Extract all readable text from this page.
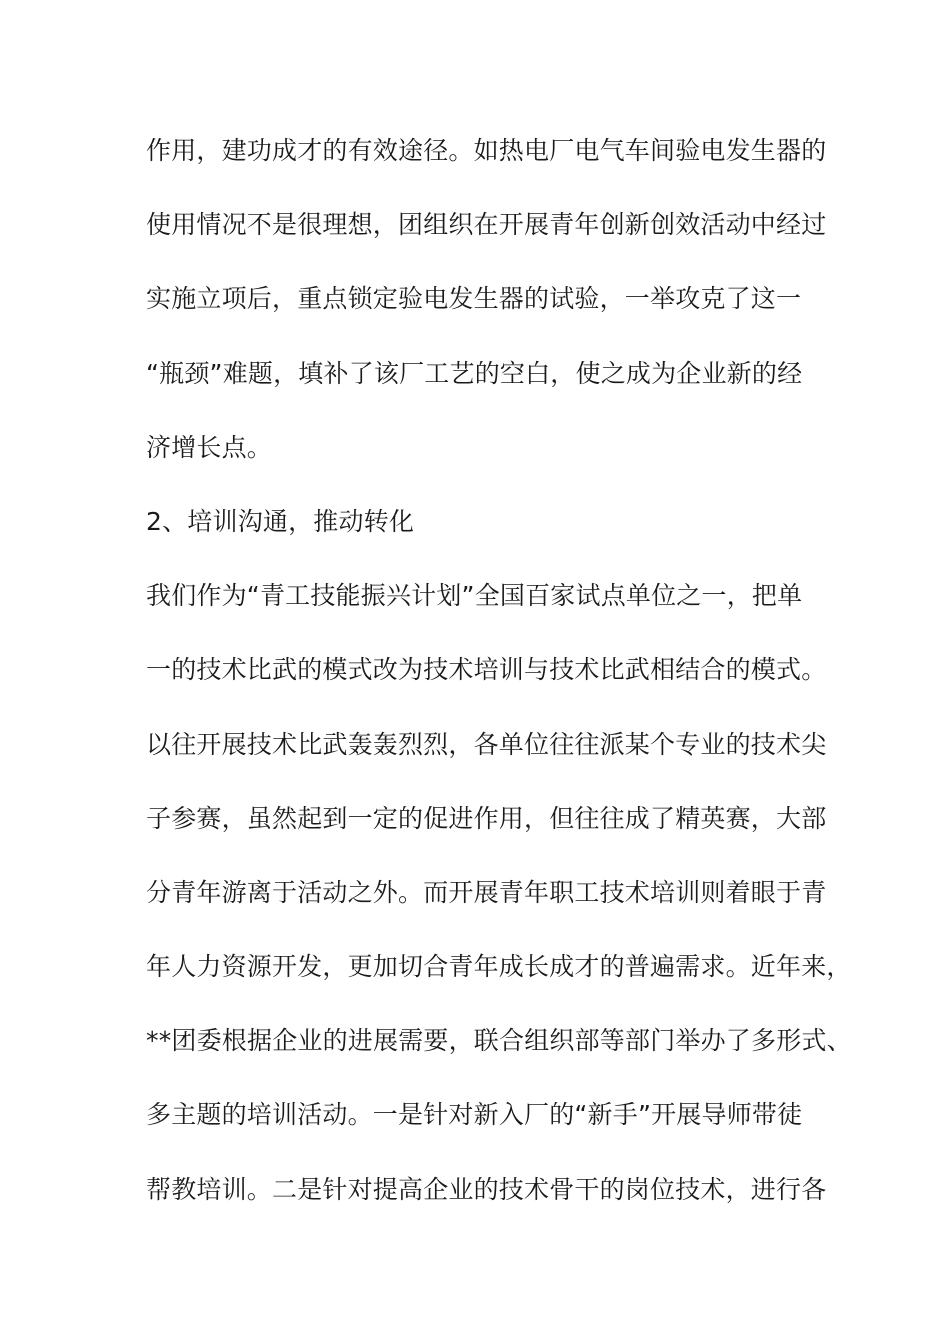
作用，建功成才的有效途径。如热电厂电气车间验电发生器的
使用情况不是很理想，团组织在开展青年创新创效活动中经过
实施立项后，重点锁定验电发生器的试验，一举攻克了这一
“瓶颈”难题，填补了该厂工艺的空白，使之成为企业新的经
济增长点。
2、培训沟通，推动转化
我们作为“青工技能振兴计划”全国百家试点单位之一，把单
一的技术比武的模式改为技术培训与技术比武相结合的模式。
以往开展技术比武轰轰烈烈，各单位往往派某个专业的技术尖
子参赛，虽然起到一定的促进作用，但往往成了精英赛，大部
分青年游离于活动之外。而开展青年职工技术培训则着眼于青
年人力资源开发，更加切合青年成长成才的普遍需求。近年来，
**团委根据企业的进展需要，联合组织部等部门举办了多形式、
多主题的培训活动。一是针对新入厂的“新手”开展导师带徒
帮教培训。二是针对提高企业的技术骨干的岗位技术，进行各
